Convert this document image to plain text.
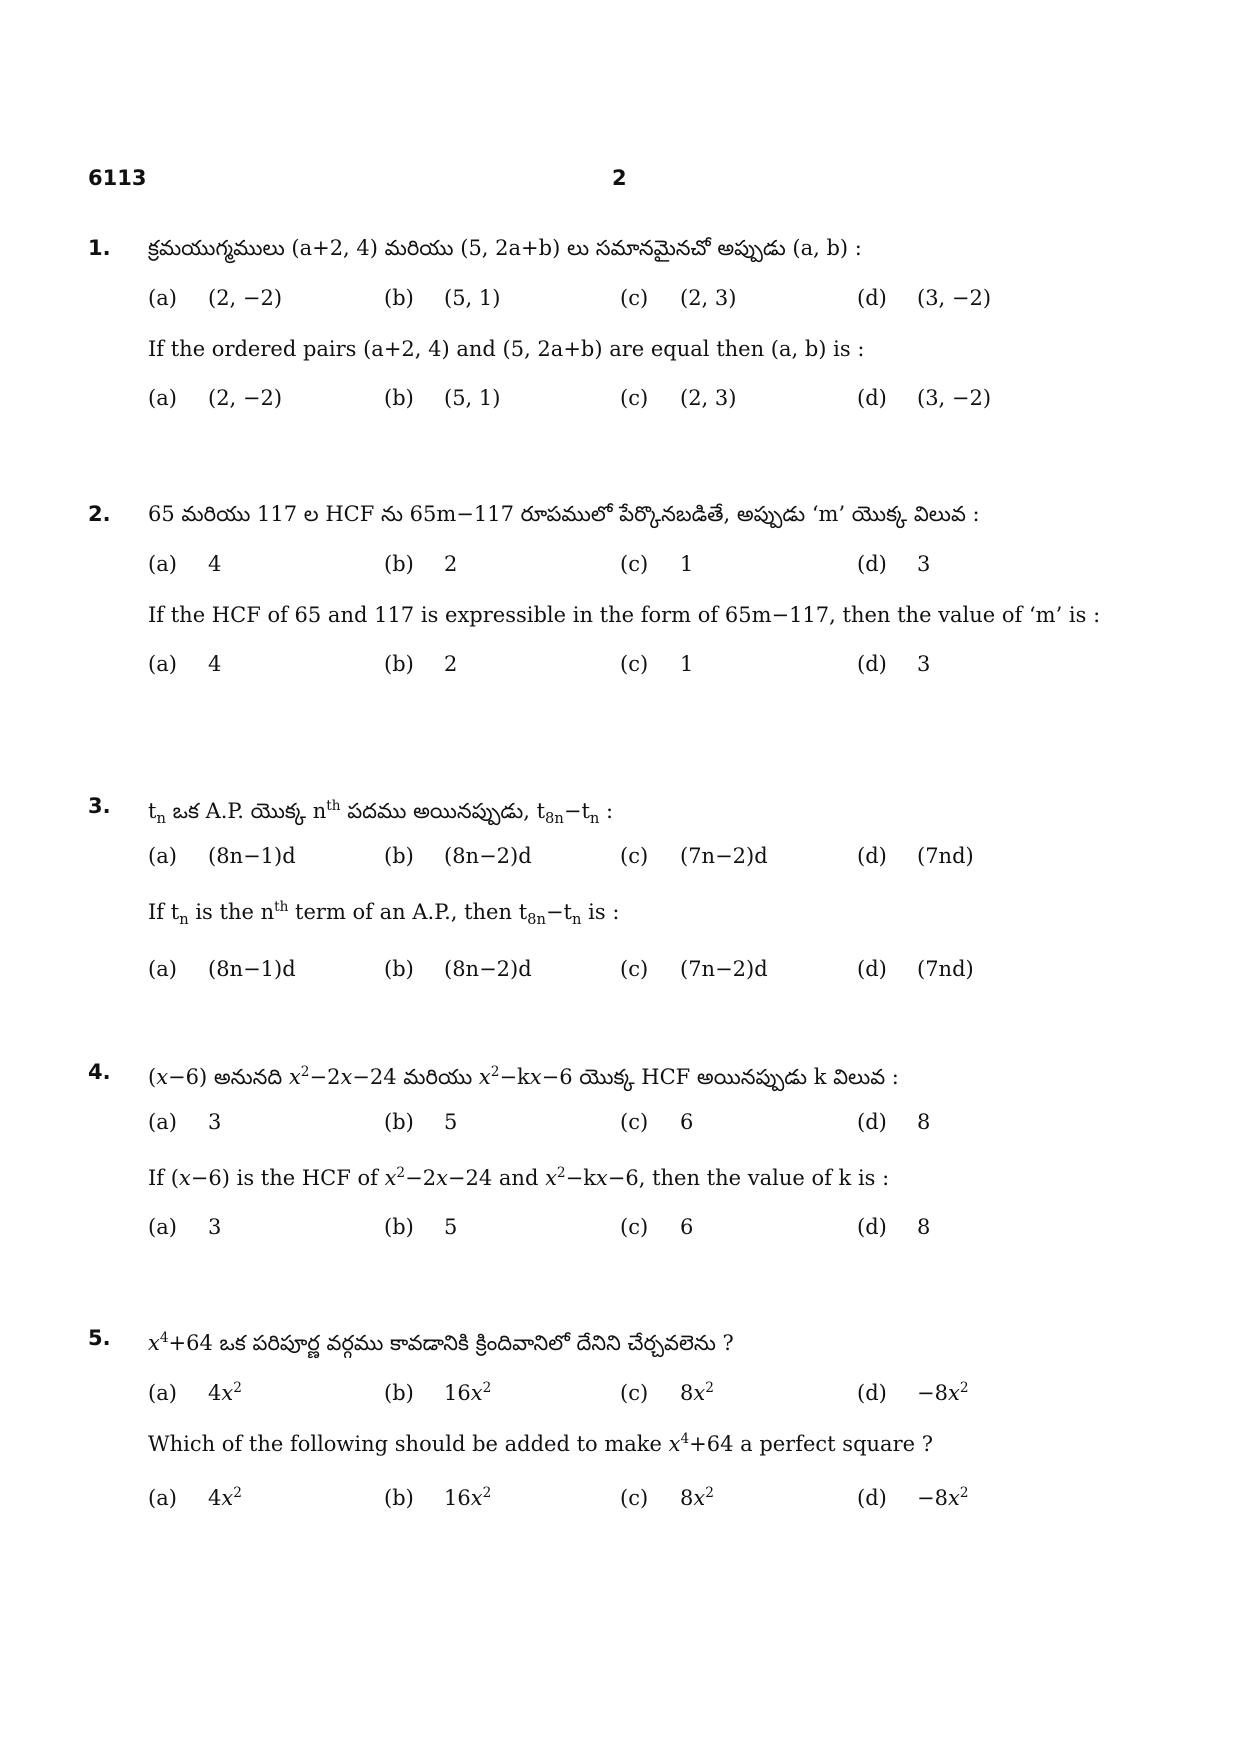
6113	2
1.	క్రమయుగ్మములు (a+2, 4) మరియు (5, 2a+b) లు సమానమైనచో అప్పుడు (a, b) :
(a) (2, −2)	(b) (5, 1)	(c) (2, 3)	(d) (3, −2)
If the ordered pairs (a+2, 4) and (5, 2a+b) are equal then (a, b) is :
(a) (2, −2)	(b) (5, 1)	(c) (2, 3)	(d) (3, −2)
2.	65 మరియు 117 ల HCF ను 65m−117 రూపములో పేర్కొనబడితే, అప్పుడు ‘m’ యొక్క విలువ :
(a) 4	(b) 2	(c) 1	(d) 3
If the HCF of 65 and 117 is expressible in the form of 65m−117, then the value of ‘m’ is :
(a) 4	(b) 2	(c) 1	(d) 3
3.	$t_n$ ఒక A.P. యొక్క $n^{th}$ పదము అయినప్పుడు, $t_{8n}-t_n$ :
(a) (8n−1)d	(b) (8n−2)d	(c) (7n−2)d	(d) (7nd)
If $t_n$ is the $n^{th}$ term of an A.P., then $t_{8n}-t_n$ is :
(a) (8n−1)d	(b) (8n−2)d	(c) (7n−2)d	(d) (7nd)
4.	(x−6) అనునది $x^2-2x-24$ మరియు $x^2-kx-6$ యొక్క HCF అయినప్పుడు k విలువ :
(a) 3	(b) 5	(c) 6	(d) 8
If (x−6) is the HCF of $x^2-2x-24$ and $x^2-kx-6$, then the value of k is :
(a) 3	(b) 5	(c) 6	(d) 8
5.	$x^4+64$ ఒక పరిపూర్ణ వర్గము కావడానికి క్రిందివానిలో దేనిని చేర్చవలెను ?
(a) $4x^2$	(b) $16x^2$	(c) $8x^2$	$(d) -8x^2$
Which of the following should be added to make $x^4+64$ a perfect square ?
(a) $4x^2$	(b) $16x^2$	(c) $8x^2$	$(d) -8x^2$
